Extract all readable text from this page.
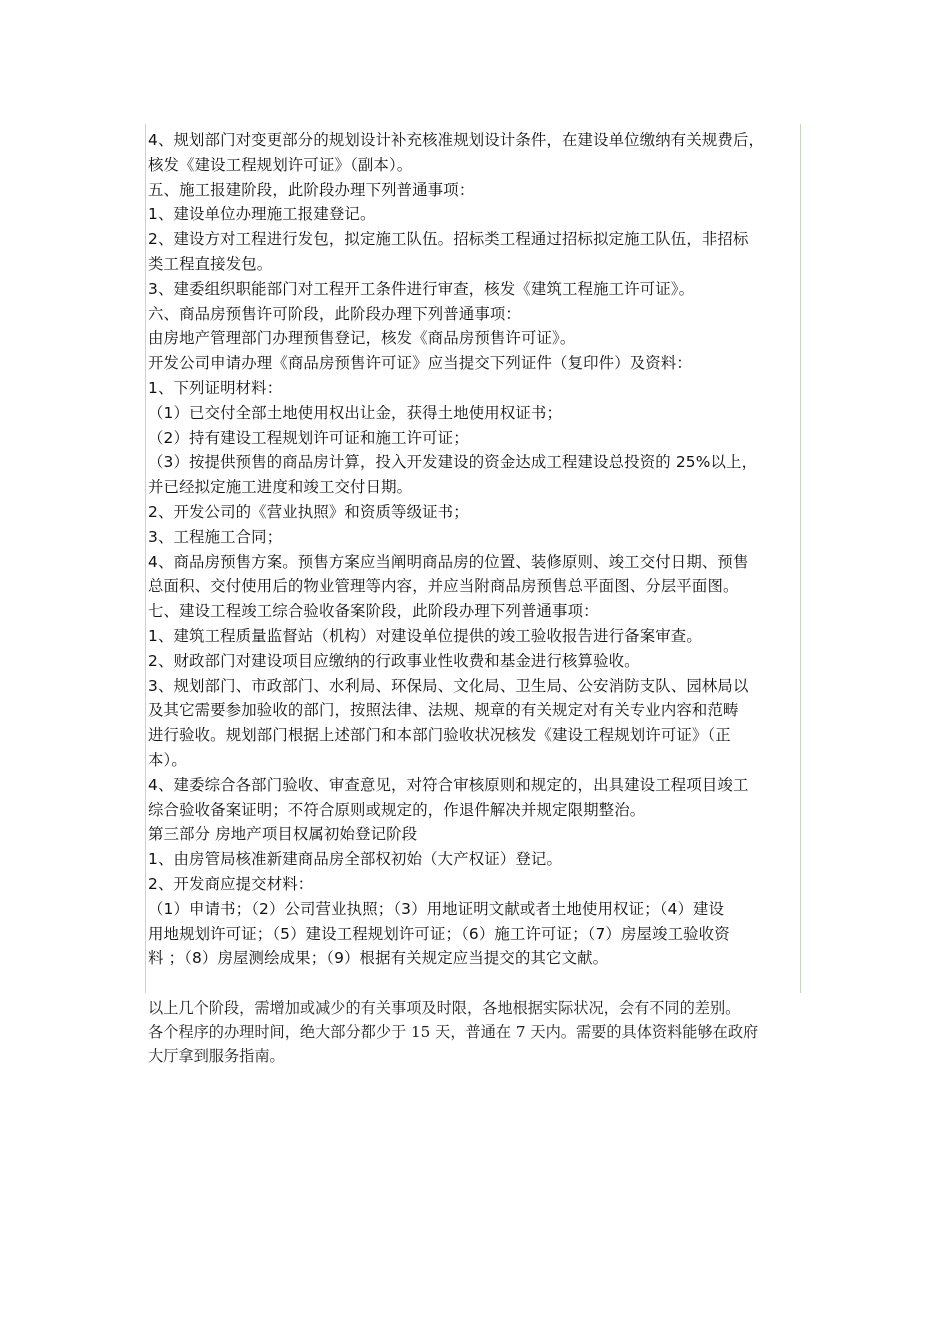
4、规划部门对变更部分的规划设计补充核准规划设计条件，在建设单位缴纳有关规费后，
核发《建设工程规划许可证》（副本）。
五、施工报建阶段，此阶段办理下列普通事项：
1、建设单位办理施工报建登记。
2、建设方对工程进行发包，拟定施工队伍。招标类工程通过招标拟定施工队伍，非招标
类工程直接发包。
3、建委组织职能部门对工程开工条件进行审查，核发《建筑工程施工许可证》。
六、商品房预售许可阶段，此阶段办理下列普通事项：
由房地产管理部门办理预售登记，核发《商品房预售许可证》。
开发公司申请办理《商品房预售许可证》应当提交下列证件（复印件）及资料：
1、下列证明材料：
（1）已交付全部土地使用权出让金，获得土地使用权证书；
（2）持有建设工程规划许可证和施工许可证；
（3）按提供预售的商品房计算，投入开发建设的资金达成工程建设总投资的 25%以上，
并已经拟定施工进度和竣工交付日期。
2、开发公司的《营业执照》和资质等级证书；
3、工程施工合同；
4、商品房预售方案。预售方案应当阐明商品房的位置、装修原则、竣工交付日期、预售
总面积、交付使用后的物业管理等内容，并应当附商品房预售总平面图、分层平面图。
七、建设工程竣工综合验收备案阶段，此阶段办理下列普通事项：
1、建筑工程质量监督站（机构）对建设单位提供的竣工验收报告进行备案审查。
2、财政部门对建设项目应缴纳的行政事业性收费和基金进行核算验收。
3、规划部门、市政部门、水利局、环保局、文化局、卫生局、公安消防支队、园林局以
及其它需要参加验收的部门，按照法律、法规、规章的有关规定对有关专业内容和范畴
进行验收。规划部门根据上述部门和本部门验收状况核发《建设工程规划许可证》（正
本）。
4、建委综合各部门验收、审查意见，对符合审核原则和规定的，出具建设工程项目竣工
综合验收备案证明；不符合原则或规定的，作退件解决并规定限期整治。
第三部分 房地产项目权属初始登记阶段
1、由房管局核准新建商品房全部权初始（大产权证）登记。
2、开发商应提交材料：
（1）申请书；（2）公司营业执照；（3）用地证明文献或者土地使用权证；（4）建设
用地规划许可证；（5）建设工程规划许可证；（6）施工许可证；（7）房屋竣工验收资
料 ；（8）房屋测绘成果；（9）根据有关规定应当提交的其它文献。
以上几个阶段，需增加或减少的有关事项及时限，各地根据实际状况，会有不同的差别。
各个程序的办理时间，绝大部分都少于 15 天，普通在 7 天内。需要的具体资料能够在政府
大厅拿到服务指南。
